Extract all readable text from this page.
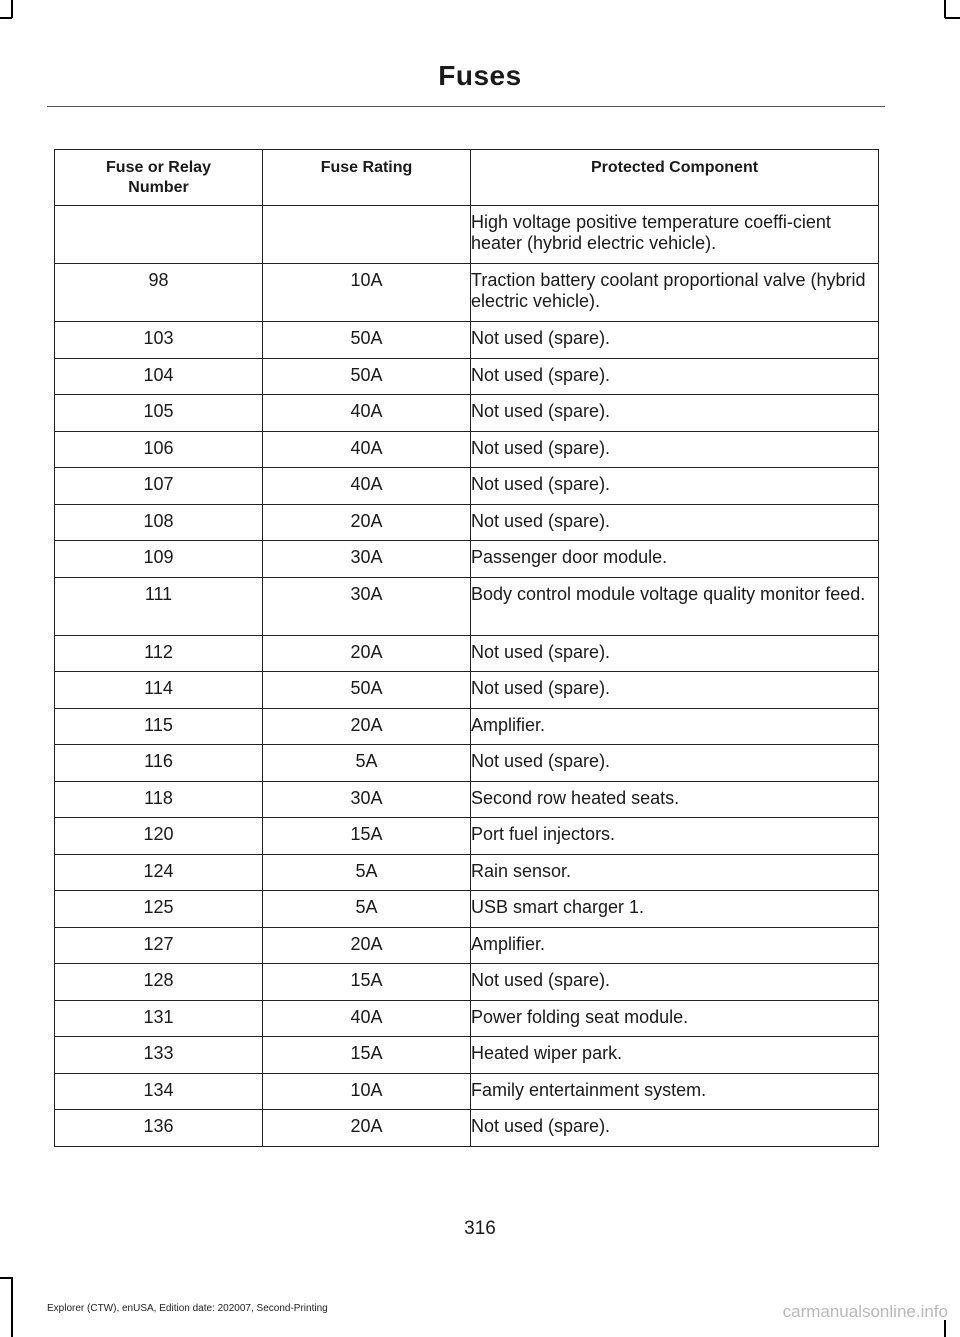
Fuses
Fuse or Relay
Number	Fuse Rating	Protected Component
		High voltage positive temperature coeffi-cient heater (hybrid electric vehicle).
98	10A	Traction battery coolant proportional valve (hybrid electric vehicle).
103	50A	Not used (spare).
104	50A	Not used (spare).
105	40A	Not used (spare).
106	40A	Not used (spare).
107	40A	Not used (spare).
108	20A	Not used (spare).
109	30A	Passenger door module.
111	30A	Body control module voltage quality monitor feed.
112	20A	Not used (spare).
114	50A	Not used (spare).
115	20A	Amplifier.
116	5A	Not used (spare).
118	30A	Second row heated seats.
120	15A	Port fuel injectors.
124	5A	Rain sensor.
125	5A	USB smart charger 1.
127	20A	Amplifier.
128	15A	Not used (spare).
131	40A	Power folding seat module.
133	15A	Heated wiper park.
134	10A	Family entertainment system.
136	20A	Not used (spare).
316
Explorer (CTW), enUSA, Edition date: 202007, Second-Printing	carmanualsonline.info
